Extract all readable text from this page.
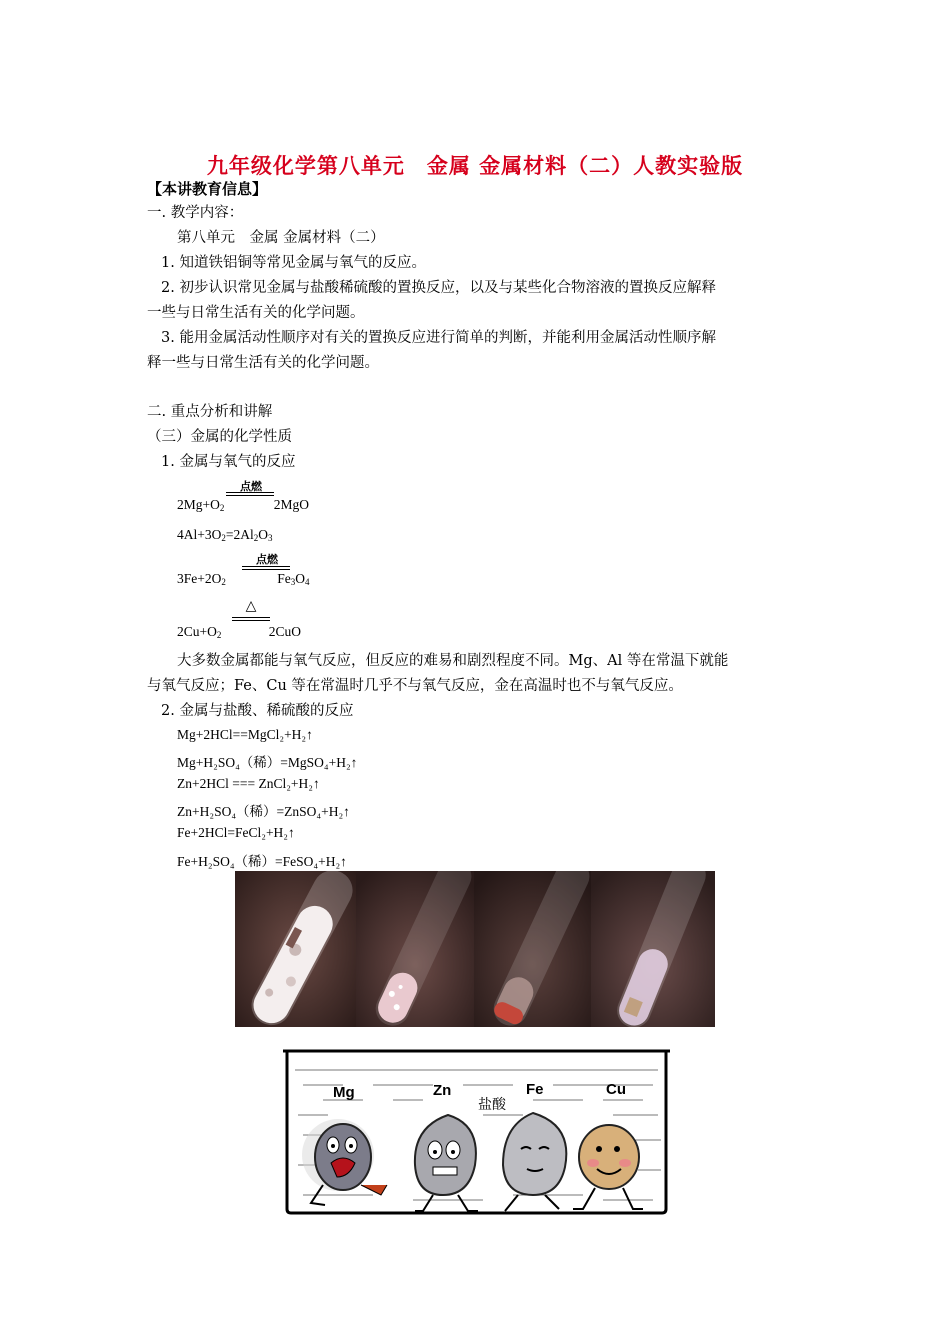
九年级化学第八单元　金属 金属材料（二）人教实验版
【本讲教育信息】
一. 教学内容：
第八单元　金属 金属材料（二）
1. 知道铁铝铜等常见金属与氧气的反应。
2. 初步认识常见金属与盐酸稀硫酸的置换反应，以及与某些化合物溶液的置换反应解释
一些与日常生活有关的化学问题。
3. 能用金属活动性顺序对有关的置换反应进行简单的判断，并能利用金属活动性顺序解
释一些与日常生活有关的化学问题。
二. 重点分析和讲解
（三）金属的化学性质
1. 金属与氧气的反应
点燃
$2Mg+O_2$	2MgO
$4Al+3O_2=2Al_2O_3$
点燃
$3Fe+2O_2$	$Fe_3O_4$
△
$2Cu+O_2$	2CuO
大多数金属都能与氧气反应，但反应的难易和剧烈程度不同。Mg、Al 等在常温下就能
与氧气反应；Fe、Cu 等在常温时几乎不与氧气反应，金在高温时也不与氧气反应。
2. 金属与盐酸、稀硫酸的反应
Mg+2HCl==MgCl₂+H₂↑
Mg+H₂SO₄（稀）=MgSO₄+H₂↑
Zn+2HCl === ZnCl₂+H₂↑
Zn+H₂SO₄（稀）=ZnSO₄+H₂↑
Fe+2HCl=FeCl₂+H₂↑
Fe+H₂SO₄（稀）=FeSO₄+H₂↑
Mg	Zn	Fe	Cu
盐酸
